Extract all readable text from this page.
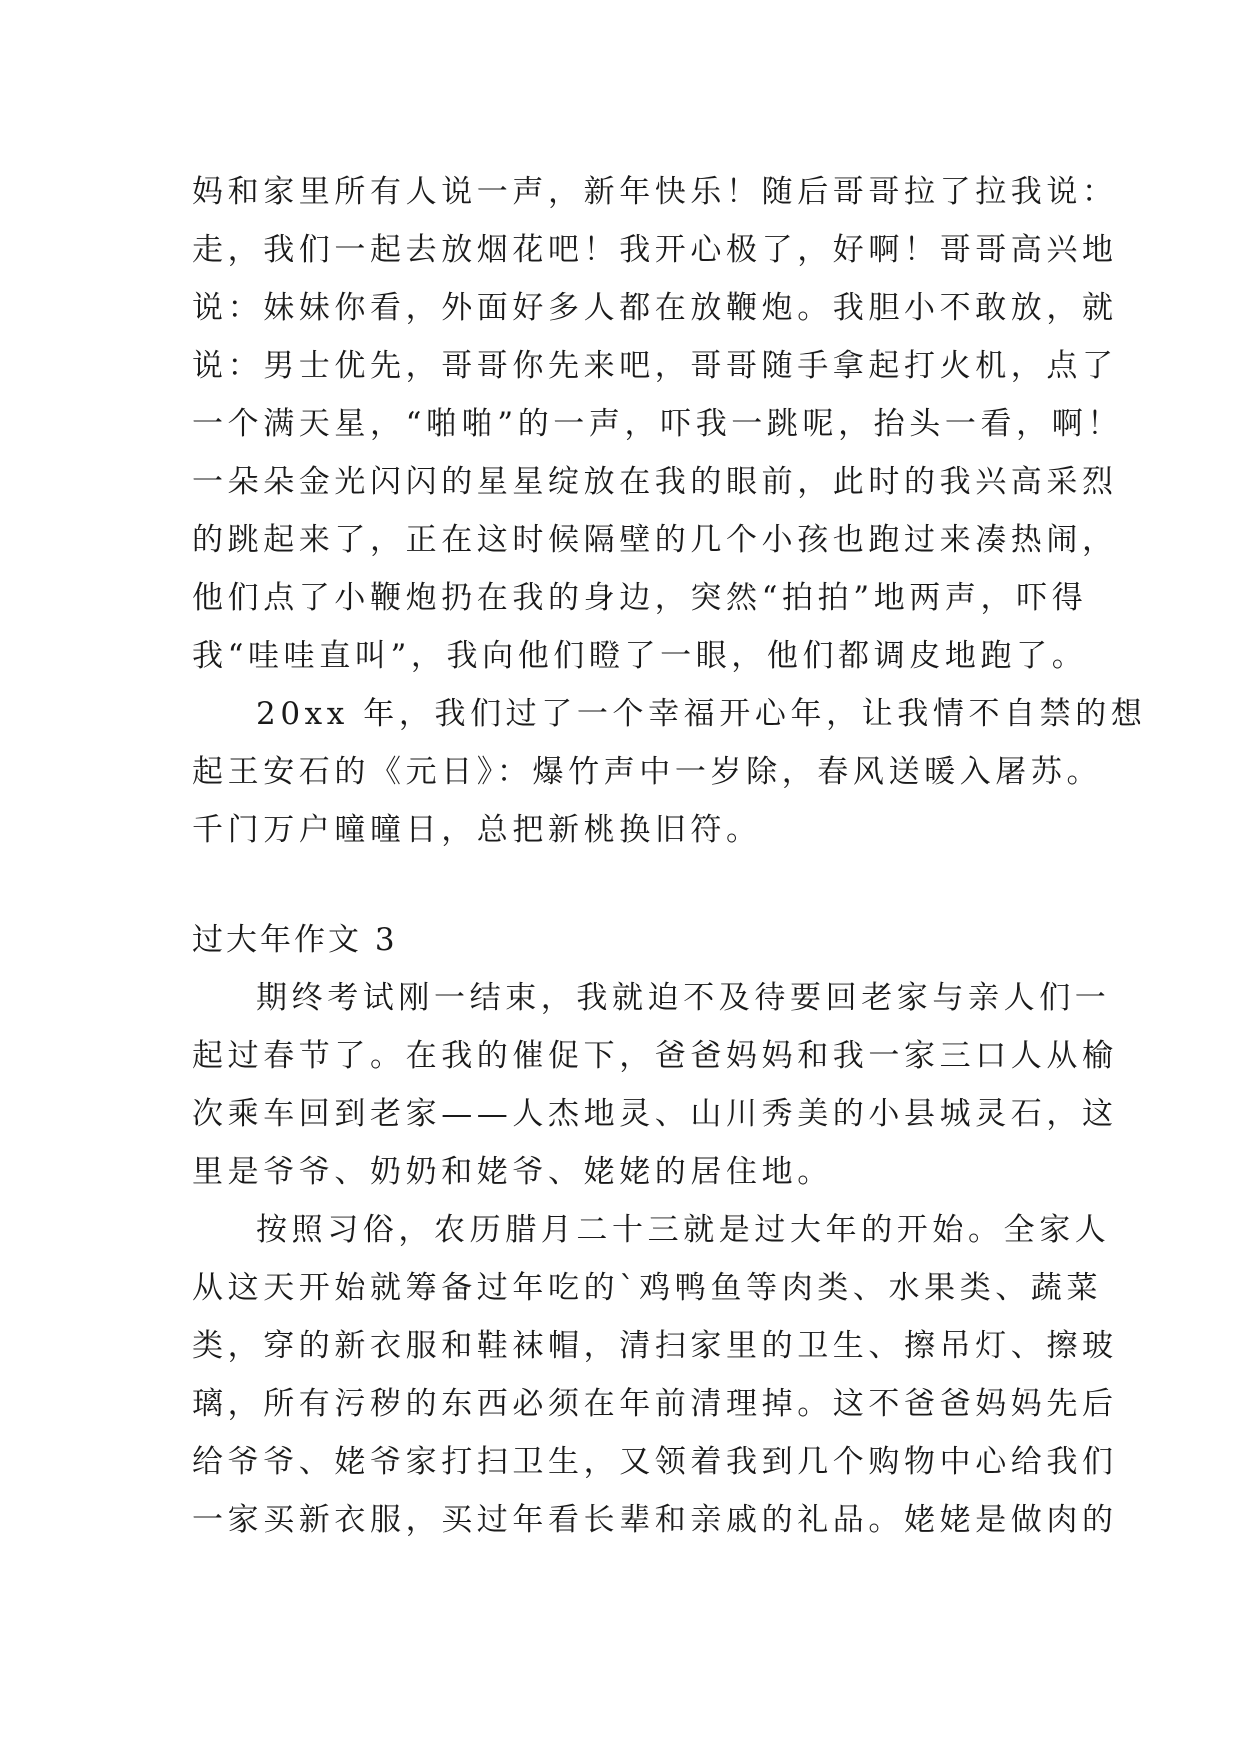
妈和家里所有人说一声，新年快乐！随后哥哥拉了拉我说：
走，我们一起去放烟花吧！我开心极了，好啊！哥哥高兴地
说：妹妹你看，外面好多人都在放鞭炮。我胆小不敢放，就
说：男士优先，哥哥你先来吧，哥哥随手拿起打火机，点了
一个满天星，“啪啪”的一声，吓我一跳呢，抬头一看，啊！
一朵朵金光闪闪的星星绽放在我的眼前，此时的我兴高采烈
的跳起来了，正在这时候隔壁的几个小孩也跑过来凑热闹，
他们点了小鞭炮扔在我的身边，突然“拍拍”地两声，吓得
我“哇哇直叫”，我向他们瞪了一眼，他们都调皮地跑了。
20xx 年，我们过了一个幸福开心年，让我情不自禁的想
起王安石的《元日》：爆竹声中一岁除，春风送暖入屠苏。
千门万户曈曈日，总把新桃换旧符。
过大年作文 3
期终考试刚一结束，我就迫不及待要回老家与亲人们一
起过春节了。在我的催促下，爸爸妈妈和我一家三口人从榆
次乘车回到老家——人杰地灵、山川秀美的小县城灵石，这
里是爷爷、奶奶和姥爷、姥姥的居住地。
按照习俗，农历腊月二十三就是过大年的开始。全家人
从这天开始就筹备过年吃的`鸡鸭鱼等肉类、水果类、蔬菜
类，穿的新衣服和鞋袜帽，清扫家里的卫生、擦吊灯、擦玻
璃，所有污秽的东西必须在年前清理掉。这不爸爸妈妈先后
给爷爷、姥爷家打扫卫生，又领着我到几个购物中心给我们
一家买新衣服，买过年看长辈和亲戚的礼品。姥姥是做肉的
